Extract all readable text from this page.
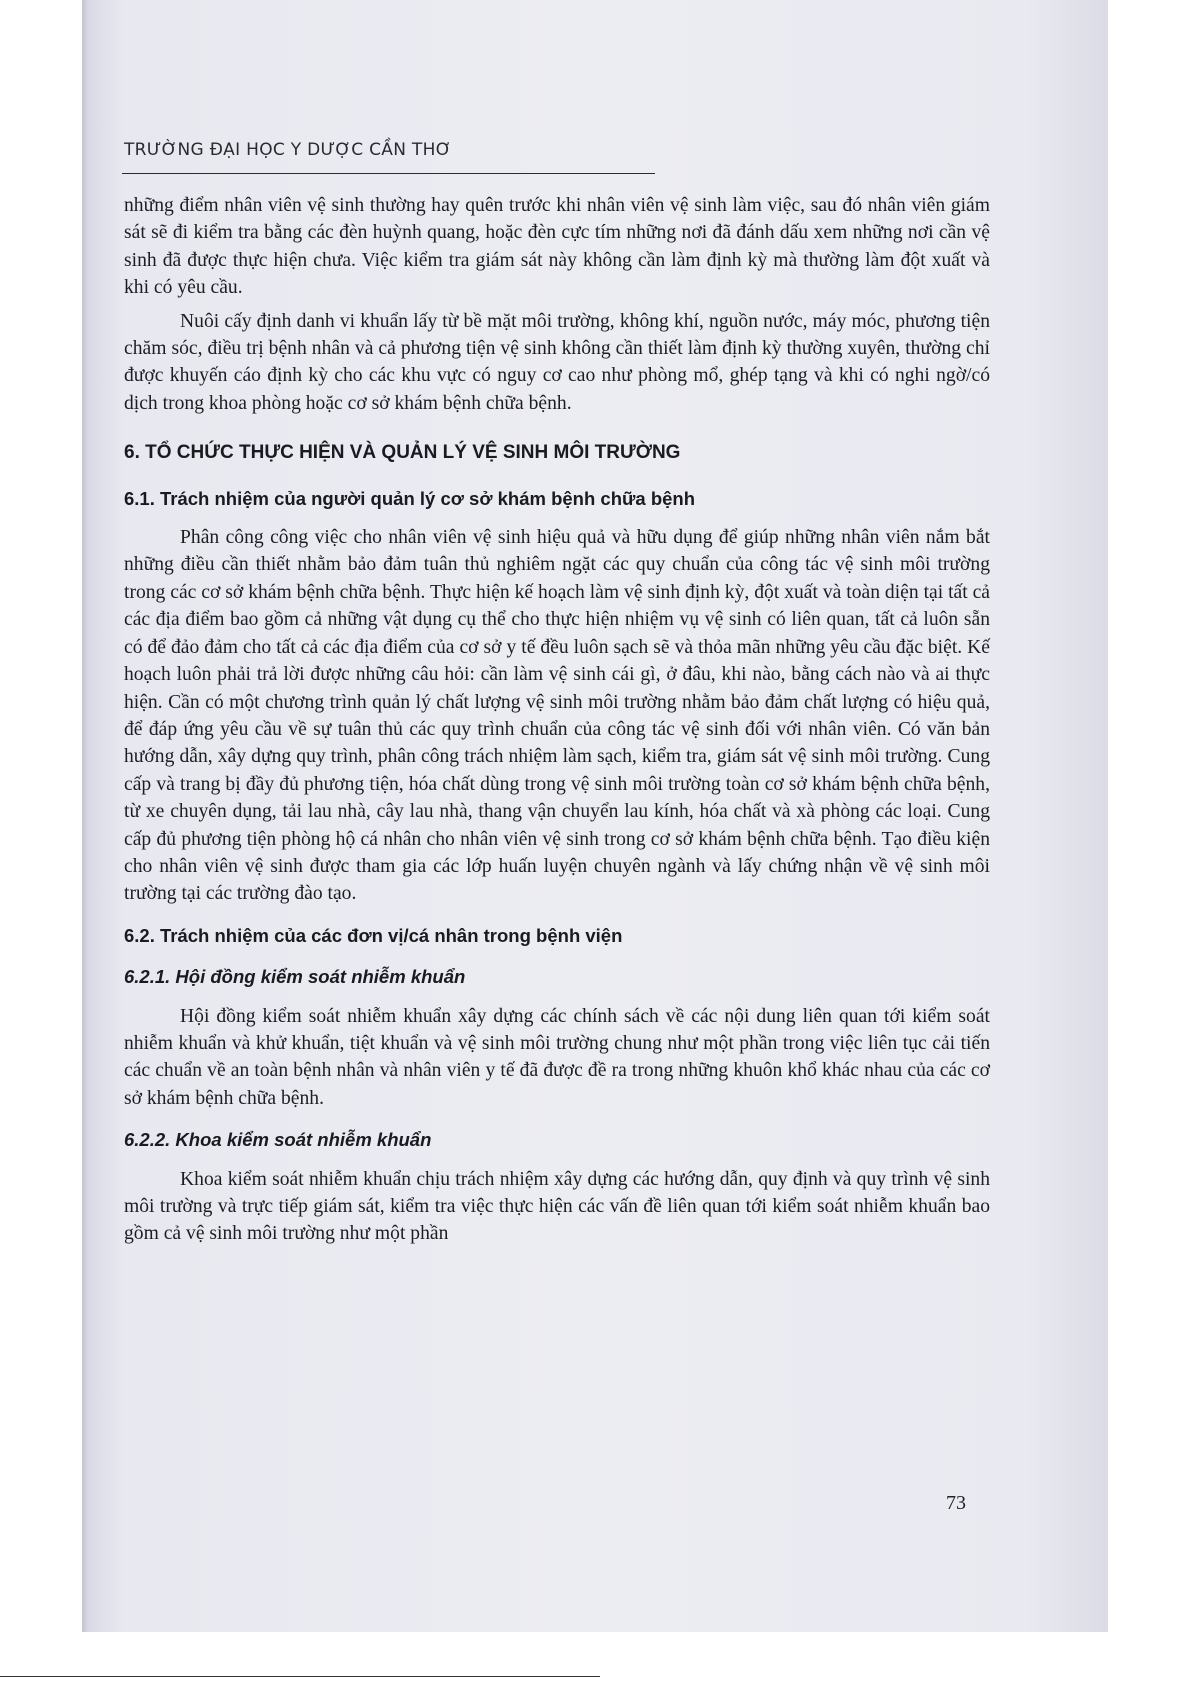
TRƯỜNG ĐẠI HỌC Y DƯỢC CẦN THƠ

những điểm nhân viên vệ sinh thường hay quên trước khi nhân viên vệ sinh làm việc, sau đó nhân viên giám sát sẽ đi kiểm tra bằng các đèn huỳnh quang, hoặc đèn cực tím những nơi đã đánh dấu xem những nơi cần vệ sinh đã được thực hiện chưa. Việc kiểm tra giám sát này không cần làm định kỳ mà thường làm đột xuất và khi có yêu cầu.

Nuôi cấy định danh vi khuẩn lấy từ bề mặt môi trường, không khí, nguồn nước, máy móc, phương tiện chăm sóc, điều trị bệnh nhân và cả phương tiện vệ sinh không cần thiết làm định kỳ thường xuyên, thường chỉ được khuyến cáo định kỳ cho các khu vực có nguy cơ cao như phòng mổ, ghép tạng và khi có nghi ngờ/có dịch trong khoa phòng hoặc cơ sở khám bệnh chữa bệnh.

6. TỔ CHỨC THỰC HIỆN VÀ QUẢN LÝ VỆ SINH MÔI TRƯỜNG
6.1. Trách nhiệm của người quản lý cơ sở khám bệnh chữa bệnh

Phân công công việc cho nhân viên vệ sinh hiệu quả và hữu dụng để giúp những nhân viên nắm bắt những điều cần thiết nhằm bảo đảm tuân thủ nghiêm ngặt các quy chuẩn của công tác vệ sinh môi trường trong các cơ sở khám bệnh chữa bệnh. Thực hiện kế hoạch làm vệ sinh định kỳ, đột xuất và toàn diện tại tất cả các địa điểm bao gồm cả những vật dụng cụ thể cho thực hiện nhiệm vụ vệ sinh có liên quan, tất cả luôn sẵn có để đảo đảm cho tất cả các địa điểm của cơ sở y tế đều luôn sạch sẽ và thỏa mãn những yêu cầu đặc biệt. Kế hoạch luôn phải trả lời được những câu hỏi: cần làm vệ sinh cái gì, ở đâu, khi nào, bằng cách nào và ai thực hiện. Cần có một chương trình quản lý chất lượng vệ sinh môi trường nhằm bảo đảm chất lượng có hiệu quả, để đáp ứng yêu cầu về sự tuân thủ các quy trình chuẩn của công tác vệ sinh đối với nhân viên. Có văn bản hướng dẫn, xây dựng quy trình, phân công trách nhiệm làm sạch, kiểm tra, giám sát vệ sinh môi trường. Cung cấp và trang bị đầy đủ phương tiện, hóa chất dùng trong vệ sinh môi trường toàn cơ sở khám bệnh chữa bệnh, từ xe chuyên dụng, tải lau nhà, cây lau nhà, thang vận chuyển lau kính, hóa chất và xà phòng các loại. Cung cấp đủ phương tiện phòng hộ cá nhân cho nhân viên vệ sinh trong cơ sở khám bệnh chữa bệnh. Tạo điều kiện cho nhân viên vệ sinh được tham gia các lớp huấn luyện chuyên ngành và lấy chứng nhận về vệ sinh môi trường tại các trường đào tạo.

6.2. Trách nhiệm của các đơn vị/cá nhân trong bệnh viện
6.2.1. Hội đồng kiểm soát nhiễm khuẩn

Hội đồng kiểm soát nhiễm khuẩn xây dựng các chính sách về các nội dung liên quan tới kiểm soát nhiễm khuẩn và khử khuẩn, tiệt khuẩn và vệ sinh môi trường chung như một phần trong việc liên tục cải tiến các chuẩn về an toàn bệnh nhân và nhân viên y tế đã được đề ra trong những khuôn khổ khác nhau của các cơ sở khám bệnh chữa bệnh.

6.2.2. Khoa kiểm soát nhiễm khuẩn

Khoa kiểm soát nhiễm khuẩn chịu trách nhiệm xây dựng các hướng dẫn, quy định và quy trình vệ sinh môi trường và trực tiếp giám sát, kiểm tra việc thực hiện các vấn đề liên quan tới kiểm soát nhiễm khuẩn bao gồm cả vệ sinh môi trường như một phần

73
